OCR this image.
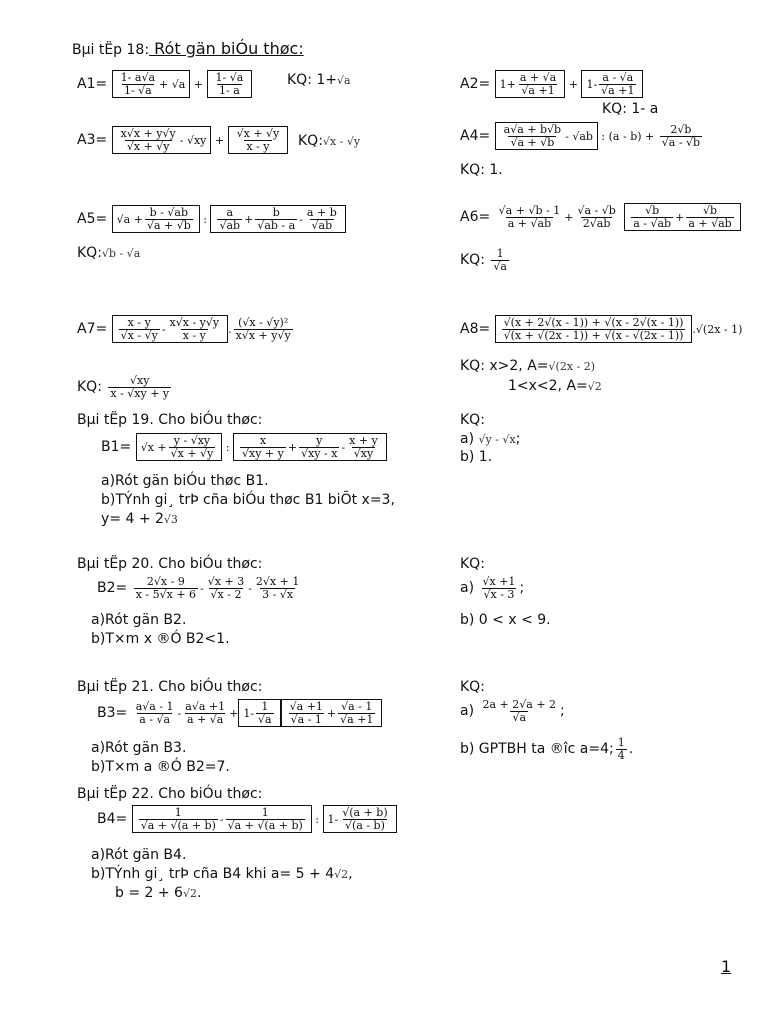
Bµi tËp 18: Rót gän biÓu thøc:
$A1= \frac{1- a√a}{1- √a} + √a + \frac{1- √a}{1- a}$	KQ: 1+√a	$A2= 1+ \frac{a + √a}{√a +1} + 1- \frac{a - √a}{√a +1}$
KQ: 1- a
$A3= \frac{x√x + y√y}{√x + √y} - √xy + \frac{√x + √y}{x - y}$ KQ:√x - √y	$A4= \frac{a√a + b√b}{√a + √b} - √ab$ : $(a - b) + \frac{2√b}{√a - √b}$
KQ: 1.
$A5= √a + \frac{b - √ab}{√a + √b}$ : $\frac{a}{√ab} + \frac{b}{√ab - a} - \frac{a + b}{√ab}$
KQ:√b - √a
$A6= \frac{√a + √b - 1}{a + √ab} + \frac{√a - √b}{2√ab}$
$\frac{√b}{a - √ab} + \frac{√b}{a + √ab}$
KQ: $\frac{1}{√a}$
$A7= \frac{x - y}{√x - √y} - \frac{x√x - y√y}{x - y}$ . $\frac{\text{(√x - √y)²}}{x√x + y√y}$
KQ: $\frac{√xy}{x - √xy + y}$
$A8= \frac{√(x + 2√(x - 1)) + √(x - 2√(x - 1))}{√(x + √(2x - 1)) + √(x - √(2x - 1))} .√(2x - 1)$
KQ: x>2, A=√(2x - 2)
1<x<2, A=√2
Bµi tËp 19. Cho biÓu thøc:
$B1= √x + \frac{y - √xy}{√x + √y}$ : $\frac{x}{√xy + y} + \frac{y}{√xy - x} - \frac{x + y}{√xy}$
a)Rót gän biÓu thøc B1.
b)TÝnh gi¸ trÞ cña biÓu thøc B1 biÕt x=3,
y= 4 + 2√3
KQ:
a) √y - √x;
b) 1.
Bµi tËp 20. Cho biÓu thøc:
$B2= \frac{2√x - 9}{x - 5√x + 6} - \frac{√x + 3}{√x - 2} - \frac{2√x + 1}{3 - √x}$
a)Rót gän B2.
b)T×m x ®Ó B2<1.
KQ:
$a) \frac{√x +1}{√x - 3}$ ;
b) 0 < x < 9.
Bµi tËp 21. Cho biÓu thøc:
$B3= \frac{a√a - 1}{a - √a} - \frac{a√a +1}{a + √a} + 1- \frac{1}{√a} \frac{√a +1}{√a - 1} + \frac{√a - 1}{√a +1}$
a)Rót gän B3.
b)T×m a ®Ó B2=7.
KQ:
$a) \frac{2a + 2√a + 2}{√a}$ ;
b) GPTBH ta ®îc a=4; $\frac{1}{4}$ .
Bµi tËp 22. Cho biÓu thøc:
$B4= \frac{1}{√a + √(a + b)} - \frac{1}{√a + √(a + b)}$ : $1- \frac{√(a + b)}{√(a - b)}$
a)Rót gän B4.
b)TÝnh gi¸ trÞ cña B4 khi a= 5 + 4√2,
b = 2 + 6√2.
1
